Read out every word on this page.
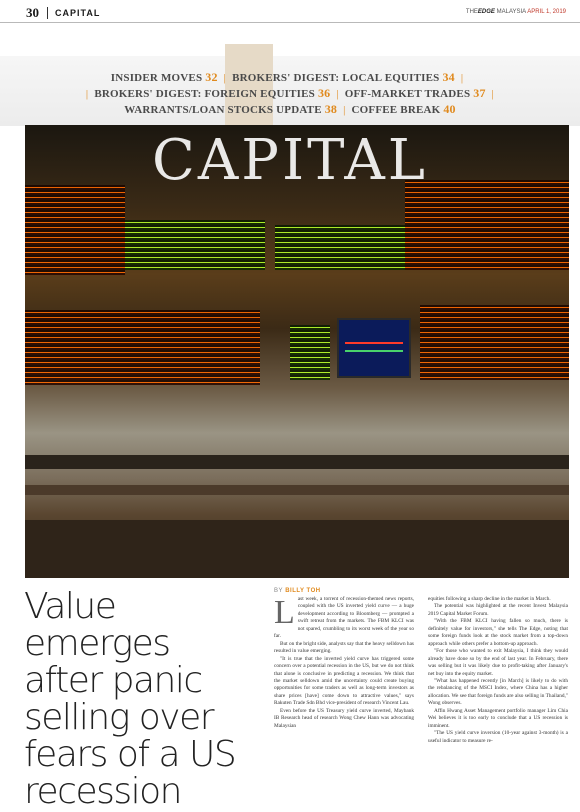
30 CAPITAL	THEEDGE MALAYSIA APRIL 1, 2019
INSIDER MOVES 32 | BROKERS' DIGEST: LOCAL EQUITIES 34 |
| BROKERS' DIGEST: FOREIGN EQUITIES 36 | OFF-MARKET TRADES 37 |
WARRANTS/LOAN STOCKS UPDATE 38 | COFFEE BREAK 40
CAPITAL
Value emerges after panic selling over fears of a US recession
BY BILLY TOH
L ast week, a torrent of recession-themed news reports, coupled with the US inverted yield curve — a huge development according to Bloomberg — prompted a swift retreat from the markets. The FBM KLCI was not spared, crumbling to its worst week of the year so far.

But on the bright side, analysts say that the heavy selldown has resulted in value emerging.

"It is true that the inverted yield curve has triggered some concern over a potential recession in the US, but we do not think that alone is conclusive in predicting a recession. We think that the market selldown amid the uncertainty could create buying opportunities for some traders as well as long-term investors as share prices [have] come down to attractive values," says Rakuten Trade Sdn Bhd vice-president of research Vincent Lau.

Even before the US Treasury yield curve inverted, Maybank IB Research head of research Wong Chew Hann was advocating Malaysian

equities following a sharp decline in the market in March.

The potential was highlighted at the recent Invest Malaysia 2019 Capital Market Forum.

"With the FBM KLCI having fallen so much, there is definitely value for investors," she tells The Edge, noting that some foreign funds look at the stock market from a top-down approach while others prefer a bottom-up approach.

"For those who wanted to exit Malaysia, I think they would already have done so by the end of last year. In February, there was selling but it was likely due to profit-taking after January's net buy into the equity market.

"What has happened recently [in March] is likely to do with the rebalancing of the MSCI Index, where China has a higher allocation. We see that foreign funds are also selling in Thailand," Wong observes.

Affin Hwang Asset Management portfolio manager Lim Chia Wei believes it is too early to conclude that a US recession is imminent.

"The US yield curve inversion (10-year against 3-month) is a useful indicator to measure re-
